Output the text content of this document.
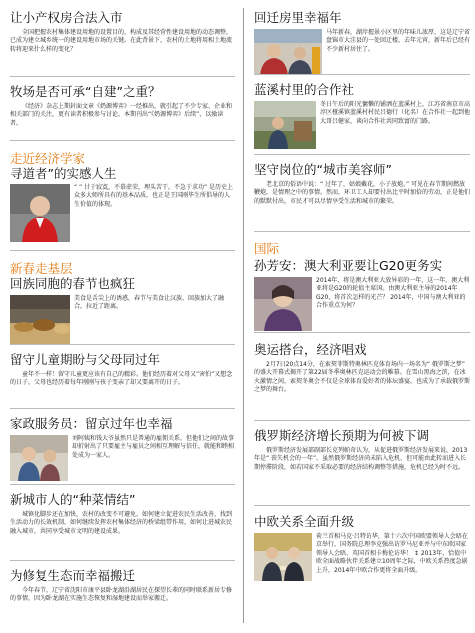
让小产权房合法入市

全国把握农村集体建设用地的设置目的，构成及其经营性建设用地的动态调整，已成为建立城乡统一的建设用地市场的关键。在此背景下，农村的土地将用相土地流转将迎来什么样的变化？

牧场是否可承“自建”之重？

《经济》杂志上期封面文章《奶源博弈》一经推出，就引起了不少专家、企业和相关部门的关注，更有读者积极参与讨论。本期刊出“《奶源博弈》后续”，以飨读者。

走近经济学家

寻道者”的实感人生

“ ” 甘于寂寞，不慕虚荣，埋头苦干。不急于求功” 是历史上众多大师所具有的基本品质，也正是王国刚毕生所倡导的人生价值的体现。

新春走基层

回族同胞的春节也疯狂

美食是舌尖上的诱惑，春节与美食让汉族、回族加大了融合，拉近了距离。

留守儿童期盼与父母同过年

童年不一样！留守儿童更应该有自己的精彩。他们经历着对父母又”害怕”又想念的日子，父母也经历着每年刚刚与孩子变亲了却又要离开的日子。

家政服务员：留京过年也幸福

刘阿姨和钱大爷虽然只是普通的雇佣关系，但他们之间的故事却折射出了只要雇主与雇员之间相互理解与信任，就能和睦相处成为一家人。

新城市人的“种菜情结”

城镇化脚步还在加快，农村的改变不可避免。如何建立促进农民生活改善、找到生活动力的长效机制，如何继续发挥农村集体经济的桥梁组带作用，如何让进城农民融入城市，共同享受城市文明的建设成果。

为修复生态而幸福搬迁

今年春节，辽宁省沈阳市康平县卧龙湖沿湖居民在探望长辈的同时联系新居专修的事情，因为卧龙湖在实施生态恢复和湿地建设而举家搬迁。

回迁房里幸福年

马年新春，湖岸握景小区里的年味儿浓厚，这是辽宁省盘锦市大洼县的一处回迁楼，去年元宵，新年后已经有不少新村居住了。

蓝溪村里的合作社

冬日午后的阳光慵懒的铺洒在蓝溪村上，江苏省南京市高淳区桠溪镇蓝溪村村民吕德行（化名）在合作社一起到他大哥吕健家，谈向合作社共同致富的门路。

坚守岗位的“城市美容师”

老北京的俗语中说：“ 过年了，姑娘戴花，小子放炮。” 可见在春节期间燃放鞭炮，是情理之中的事情。然而，环卫工人却要付出比平时加倍的劳动，正是他们的默默付出，市民才可以尽情享受生活和城市的繁荣。

国际

孙芳安：澳大利亚要让G20更务实

2014年，将是澳大利亚大放异彩的一年，这一年，澳大利亚将是G20的轮值主席国。由澳大利亚主导的2014年G20，将首次怎样的光芒？ 2014年，中国与澳大利亚的合作重点为何？

奥运搭台，经济唱戏

2月7日20点14分，在索契菲斯特奥林匹克体育场内一场名为“ 俄罗斯之梦” 的盛大开幕式揭开了第22届冬季奥林匹克运动会的帷幕。在雪山黑海之滨，在冰火激情之间，索契冬奥会不仅是全球体育爱好者的体坛盛宴，也成为了承载俄罗斯之梦的舞台。

俄罗斯经济增长预期为何被下调

俄罗斯经济发展部副部长克列帕奇认为，从促进俄罗斯经济发展来说，2013年是“ 丧失机会的一年”。虽然俄罗斯经济尚未陷入危机，但可能由此转而进入长期停滞阶段，如若国家不采取必要的经济结构调整等措施，危机已经为时不远。

中欧关系全面升级

荷兰首相马克·吕特访华，第十六次中国欧盟领导人会晤在京举行，国务院总理李克强出访罗马尼亚并与中东欧国家领导人会晤、英国首相卡梅伦访华！ ↕ 2013年，恰值中欧全面战略伙伴关系建立10周年之际，中欧关系热度急剧上升，2014年中欧合作更将全面升级。
